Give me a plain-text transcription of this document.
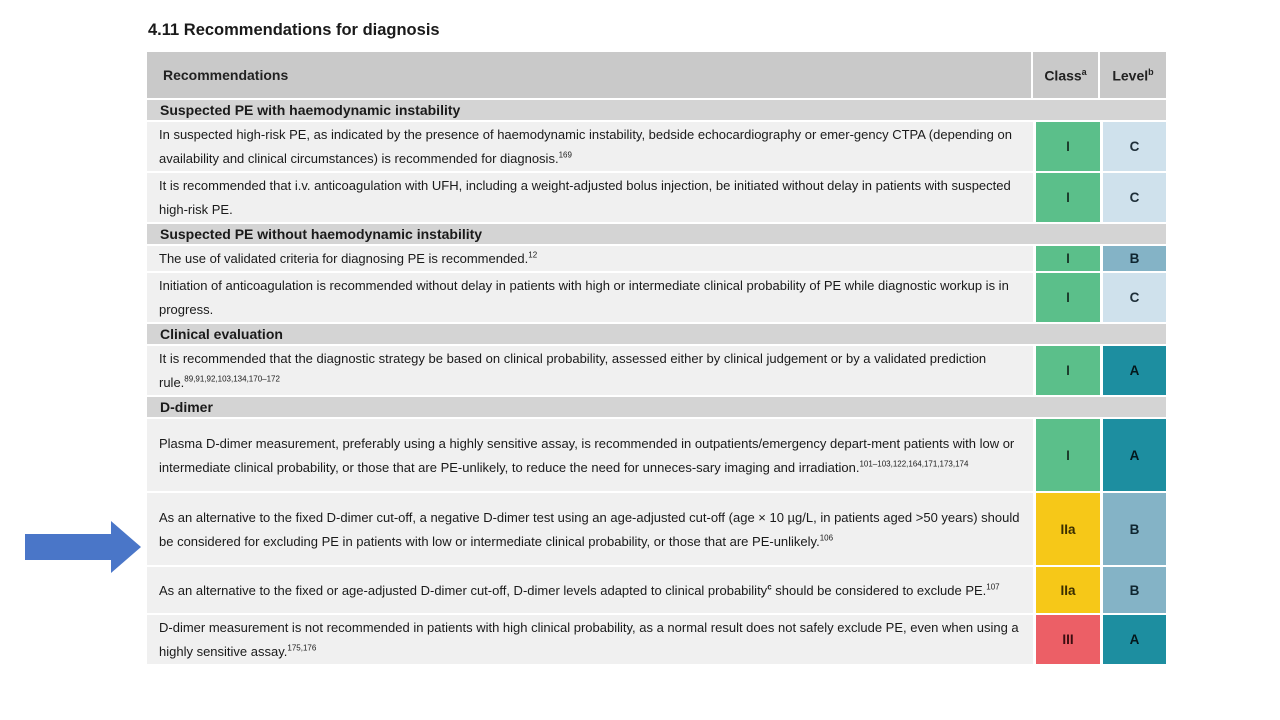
4.11 Recommendations for diagnosis
Recommendations	Class$^a$	Level$^b$
Suspected PE with haemodynamic instability		
In suspected high-risk PE, as indicated by the presence of haemodynamic instability, bedside echocardiography or emer-gency CTPA (depending on availability and clinical circumstances) is recommended for diagnosis.$^{169}$	I	C
It is recommended that i.v. anticoagulation with UFH, including a weight-adjusted bolus injection, be initiated without delay in patients with suspected high-risk PE.	I	C
Suspected PE without haemodynamic instability		
The use of validated criteria for diagnosing PE is recommended.$^{12}$	I	B
Initiation of anticoagulation is recommended without delay in patients with high or intermediate clinical probability of PE while diagnostic workup is in progress.	I	C
Clinical evaluation		
It is recommended that the diagnostic strategy be based on clinical probability, assessed either by clinical judgement or by a validated prediction rule.$^{89,91,92,103,134,170-172}$	I	A
D-dimer		
Plasma D-dimer measurement, preferably using a highly sensitive assay, is recommended in outpatients/emergency depart-ment patients with low or intermediate clinical probability, or those that are PE-unlikely, to reduce the need for unneces-sary imaging and irradiation.$^{101-103,122,164,171,173,174}$	I	A
As an alternative to the fixed D-dimer cut-off, a negative D-dimer test using an age-adjusted cut-off (age × 10 µg/L, in patients aged >50 years) should be considered for excluding PE in patients with low or intermediate clinical probability, or those that are PE-unlikely.$^{106}$	IIa	B
As an alternative to the fixed or age-adjusted D-dimer cut-off, D-dimer levels adapted to clinical probability$^c$ should be considered to exclude PE.$^{107}$	IIa	B
D-dimer measurement is not recommended in patients with high clinical probability, as a normal result does not safely exclude PE, even when using a highly sensitive assay.$^{175,176}$	III	A
